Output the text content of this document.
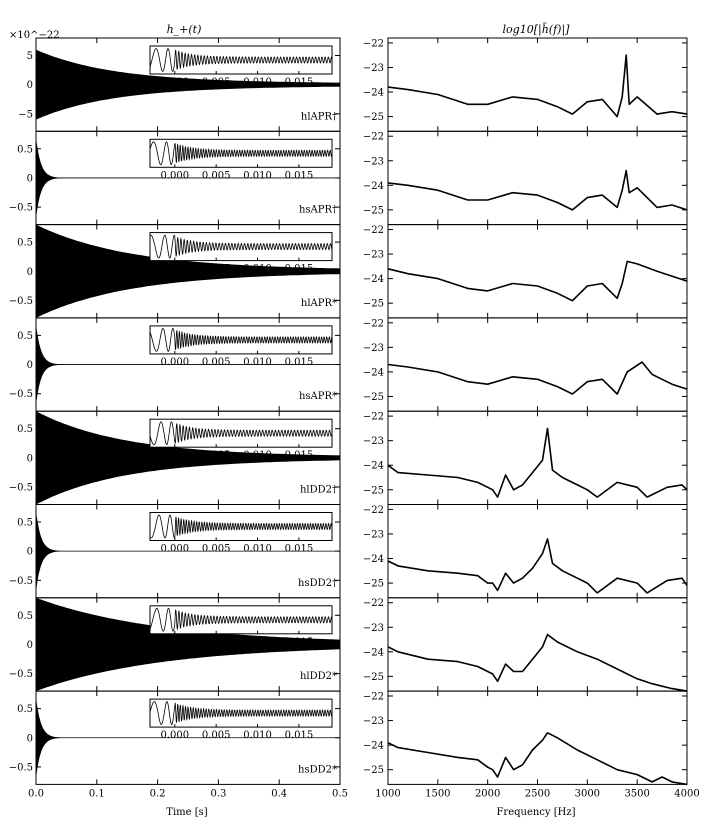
h_+(t)
×10^−22
5
0
−5	hlAPR†
0.000 0.005 0.010 0.015
0.5
0
−0.5	hsAPR†
0.000 0.005 0.010 0.015
0.5
0
−0.5	hlAPR*
0.000 0.005 0.010 0.015
0.5
0
−0.5	hsAPR*
0.000 0.005 0.010 0.015
0.5
0
−0.5	hlDD2†
0.000 0.005 0.010 0.015
0.5
0
−0.5	hsDD2†
0.000 0.005 0.010 0.015
0.5
0
−0.5	hlDD2*
0.000 0.005 0.010 0.015
0.5
0
−0.5	hsDD2*
0.000 0.005 0.010 0.015
0.0	0.1	0.2	0.3	0.4	0.5
Time [s]
log10[|h̃(f)|]
−22
−23
−24
−25
−22
−23
−24
−25
−22
−23
−24
−25
−22
−23
−24
−25
−22
−23
−24
−25
−22
−23
−24
−25
−22
−23
−24
−25
−22
−23
−24
−25
1000 1500 2000 2500 3000 3500 4000
Frequency [Hz]
